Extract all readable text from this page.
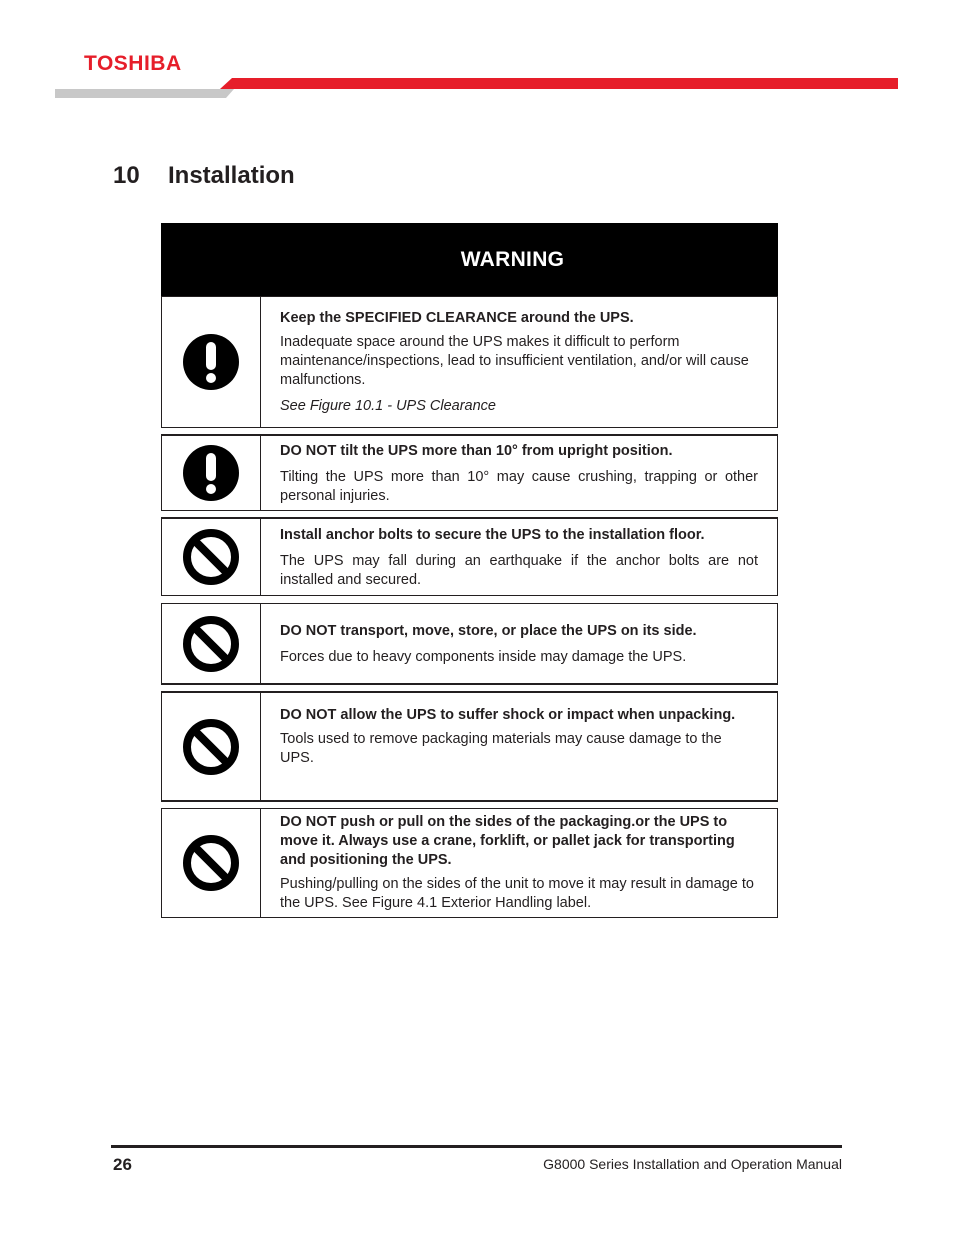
TOSHIBA
10 Installation
WARNING

Keep the SPECIFIED CLEARANCE around the UPS.

Inadequate space around the UPS makes it difficult to perform maintenance/inspections, lead to insufficient ventilation, and/or will cause malfunctions.

See Figure 10.1 - UPS Clearance

DO NOT tilt the UPS more than 10° from upright position.

Tilting the UPS more than 10° may cause crushing, trapping or other personal injuries.

Install anchor bolts to secure the UPS to the installation floor.

The UPS may fall during an earthquake if the anchor bolts are not installed and secured.

DO NOT transport, move, store, or place the UPS on its side.

Forces due to heavy components inside may damage the UPS.

DO NOT allow the UPS to suffer shock or impact when unpacking.

Tools used to remove packaging materials may cause damage to the UPS.

DO NOT push or pull on the sides of the packaging.or the UPS to move it. Always use a crane, forklift, or pallet jack for transporting and positioning the UPS.

Pushing/pulling on the sides of the unit to move it may result in damage to the UPS. See Figure 4.1 Exterior Handling label.

26	G8000 Series Installation and Operation Manual
